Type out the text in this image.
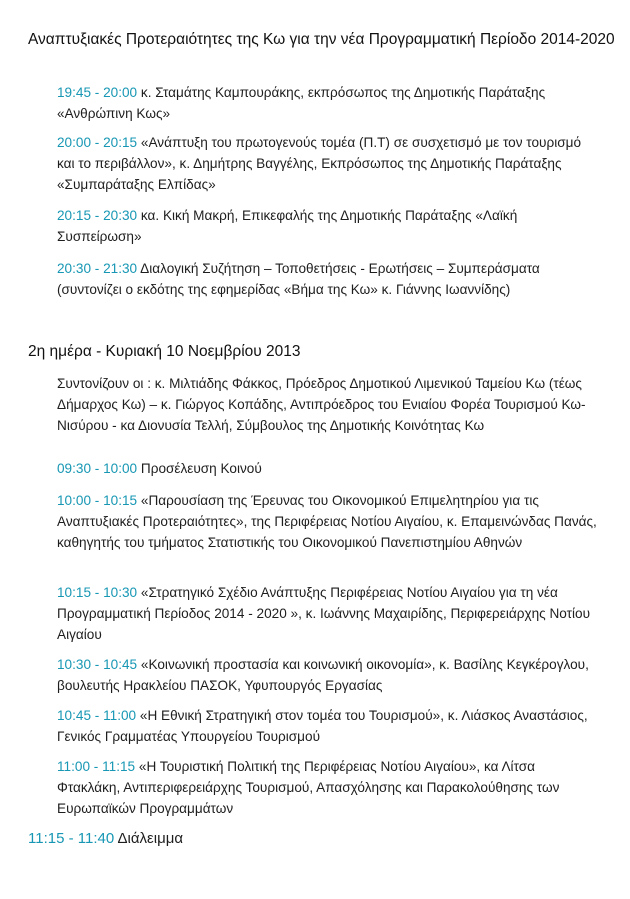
Αναπτυξιακές Προτεραιότητες της Κω για την νέα Προγραμματική Περίοδο 2014-2020
19:45 - 20:00 κ. Σταμάτης Καμπουράκης, εκπρόσωπος της Δημοτικής Παράταξης «Ανθρώπινη Κως»
20:00 - 20:15 «Ανάπτυξη του πρωτογενούς τομέα (Π.Τ) σε συσχετισμό με τον τουρισμό και το περιβάλλον», κ. Δημήτρης Βαγγέλης, Εκπρόσωπος της Δημοτικής Παράταξης «Συμπαράταξης Ελπίδας»
20:15 - 20:30 κα. Κική Μακρή, Επικεφαλής της Δημοτικής Παράταξης «Λαϊκή Συσπείρωση»
20:30 - 21:30 Διαλογική Συζήτηση – Τοποθετήσεις - Ερωτήσεις – Συμπεράσματα (συντονίζει ο εκδότης της εφημερίδας «Βήμα της Κω» κ. Γιάννης Ιωαννίδης)
2η ημέρα - Κυριακή 10 Νοεμβρίου 2013
Συντονίζουν οι : κ. Μιλτιάδης Φάκκος, Πρόεδρος Δημοτικού Λιμενικού Ταμείου Κω (τέως Δήμαρχος Κω) – κ. Γιώργος Κοπάδης, Αντιπρόεδρος του Ενιαίου Φορέα Τουρισμού Κω-Νισύρου - κα Διονυσία Τελλή, Σύμβουλος της Δημοτικής Κοινότητας Κω
09:30 - 10:00 Προσέλευση Κοινού
10:00 - 10:15 «Παρουσίαση της Έρευνας του Οικονομικού Επιμελητηρίου για τις Αναπτυξιακές Προτεραιότητες», της Περιφέρειας Νοτίου Αιγαίου, κ. Επαμεινώνδας Πανάς, καθηγητής του τμήματος Στατιστικής του Οικονομικού Πανεπιστημίου Αθηνών
10:15 - 10:30 «Στρατηγικό Σχέδιο Ανάπτυξης Περιφέρειας Νοτίου Αιγαίου για τη νέα Προγραμματική Περίοδος 2014 - 2020 », κ. Ιωάννης Μαχαιρίδης, Περιφερειάρχης Νοτίου Αιγαίου
10:30 - 10:45 «Κοινωνική προστασία και κοινωνική οικονομία», κ. Βασίλης Κεγκέρογλου, βουλευτής Ηρακλείου ΠΑΣΟΚ, Υφυπουργός Εργασίας
10:45 - 11:00 «Η Εθνική Στρατηγική στον τομέα του Τουρισμού», κ. Λιάσκος Αναστάσιος, Γενικός Γραμματέας Υπουργείου Τουρισμού
11:00 - 11:15 «Η Τουριστική Πολιτική της Περιφέρειας Νοτίου Αιγαίου», κα Λίτσα Φτακλάκη, Αντιπεριφερειάρχης Τουρισμού, Απασχόλησης και Παρακολούθησης των Ευρωπαϊκών Προγραμμάτων
11:15 - 11:40 Διάλειμμα
